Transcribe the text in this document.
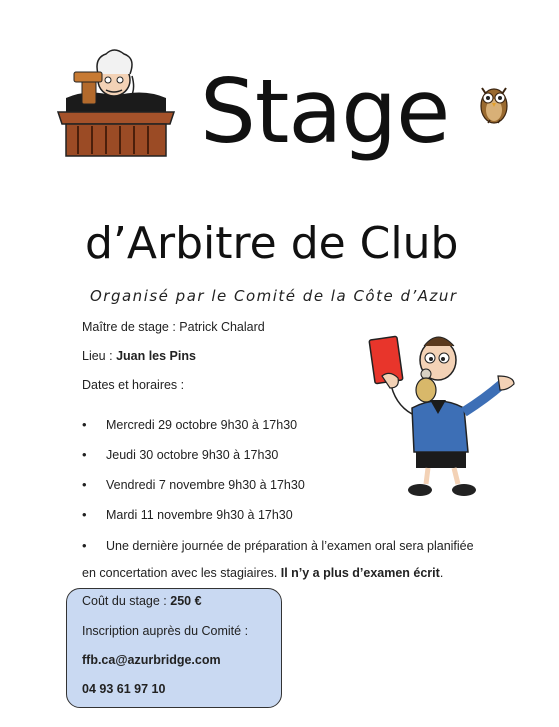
Stage
d’Arbitre de Club
Organisé par le Comité de la Côte d’Azur
Maître de stage : Patrick Chalard
Lieu : Juan les Pins
Dates et horaires :
• Mercredi 29 octobre 9h30 à 17h30
• Jeudi 30 octobre 9h30 à 17h30
• Vendredi 7 novembre 9h30 à 17h30
• Mardi 11 novembre 9h30 à 17h30
• Une dernière journée de préparation à l’examen oral sera planifiée
en concertation avec les stagiaires. Il n’y a plus d’examen écrit.
Coût du stage : 250 €
Inscription auprès du Comité :
ffb.ca@azurbridge.com
04 93 61 97 10
